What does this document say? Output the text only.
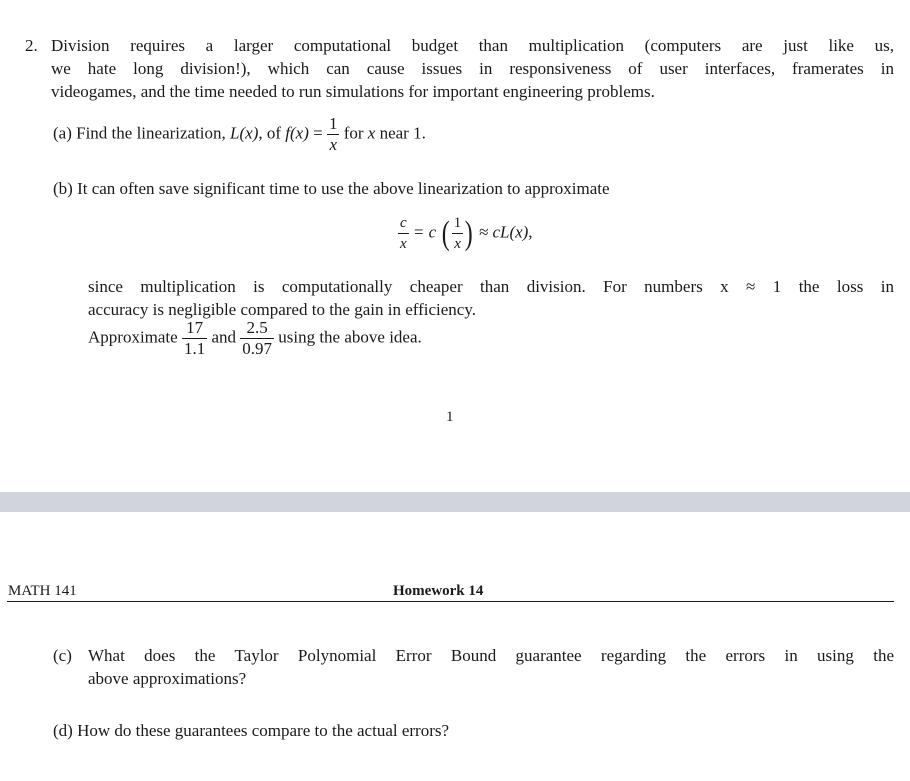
2. Division requires a larger computational budget than multiplication (computers are just like us,
we hate long division!), which can cause issues in responsiveness of user interfaces, framerates in
videogames, and the time needed to run simulations for important engineering problems.
(a) Find the linearization, L(x), of $f(x) = \frac{1}{x}$ for x near 1.
(b) It can often save significant time to use the above linearization to approximate
$\frac{c}{x} = c$ ( $\frac{1}{x}$ ) ≈ cL(x),
since multiplication is computationally cheaper than division. For numbers x ≈ 1 the loss in
accuracy is negligible compared to the gain in efficiency.
Approximate $\frac{17}{1.1}$ and $\frac{2.5}{0.97}$ using the above idea.
1
MATH 141	Homework 14
(c) What does the Taylor Polynomial Error Bound guarantee regarding the errors in using the
above approximations?
(d) How do these guarantees compare to the actual errors?
